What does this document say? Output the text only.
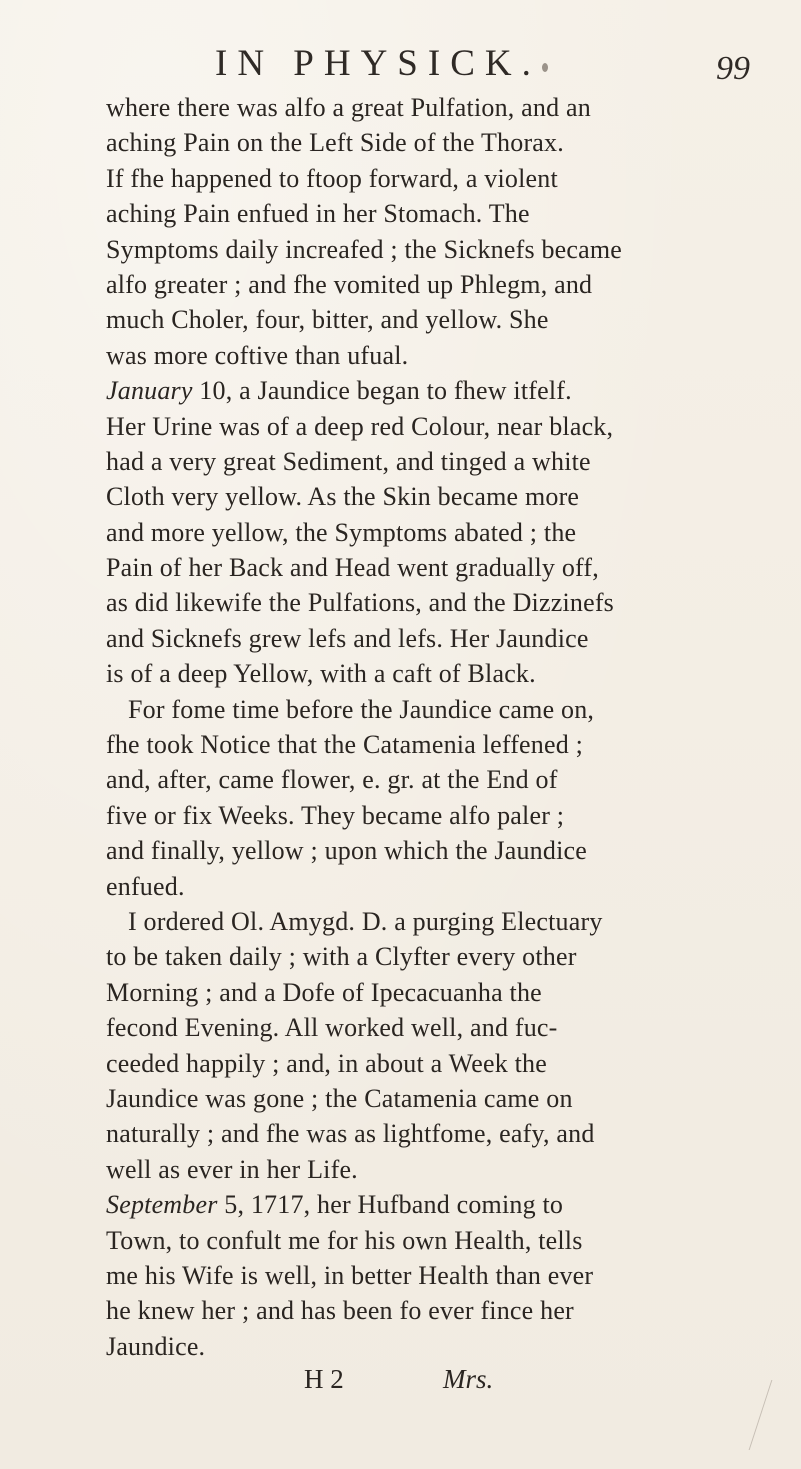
IN PHYSICK.	99
where there was alfo a great Pulfation, and an
aching Pain on the Left Side of the Thorax.
If fhe happened to ftoop forward, a violent
aching Pain enfued in her Stomach. The
Symptoms daily increafed ; the Sicknefs became
alfo greater ; and fhe vomited up Phlegm, and
much Choler, four, bitter, and yellow. She
was more coftive than ufual.
January 10, a Jaundice began to fhew itfelf.
Her Urine was of a deep red Colour, near black,
had a very great Sediment, and tinged a white
Cloth very yellow. As the Skin became more
and more yellow, the Symptoms abated ; the
Pain of her Back and Head went gradually off,
as did likewife the Pulfations, and the Dizzinefs
and Sicknefs grew lefs and lefs. Her Jaundice
is of a deep Yellow, with a caft of Black.
For fome time before the Jaundice came on,
fhe took Notice that the Catamenia leffened ;
and, after, came flower, e. gr. at the End of
five or fix Weeks. They became alfo paler ;
and finally, yellow ; upon which the Jaundice
enfued.
I ordered Ol. Amygd. D. a purging Electuary
to be taken daily ; with a Clyfter every other
Morning ; and a Dofe of Ipecacuanha the
fecond Evening. All worked well, and fuc-
ceeded happily ; and, in about a Week the
Jaundice was gone ; the Catamenia came on
naturally ; and fhe was as lightfome, eafy, and
well as ever in her Life.
September 5, 1717, her Hufband coming to
Town, to confult me for his own Health, tells
me his Wife is well, in better Health than ever
he knew her ; and has been fo ever fince her
Jaundice.
H 2	Mrs.
